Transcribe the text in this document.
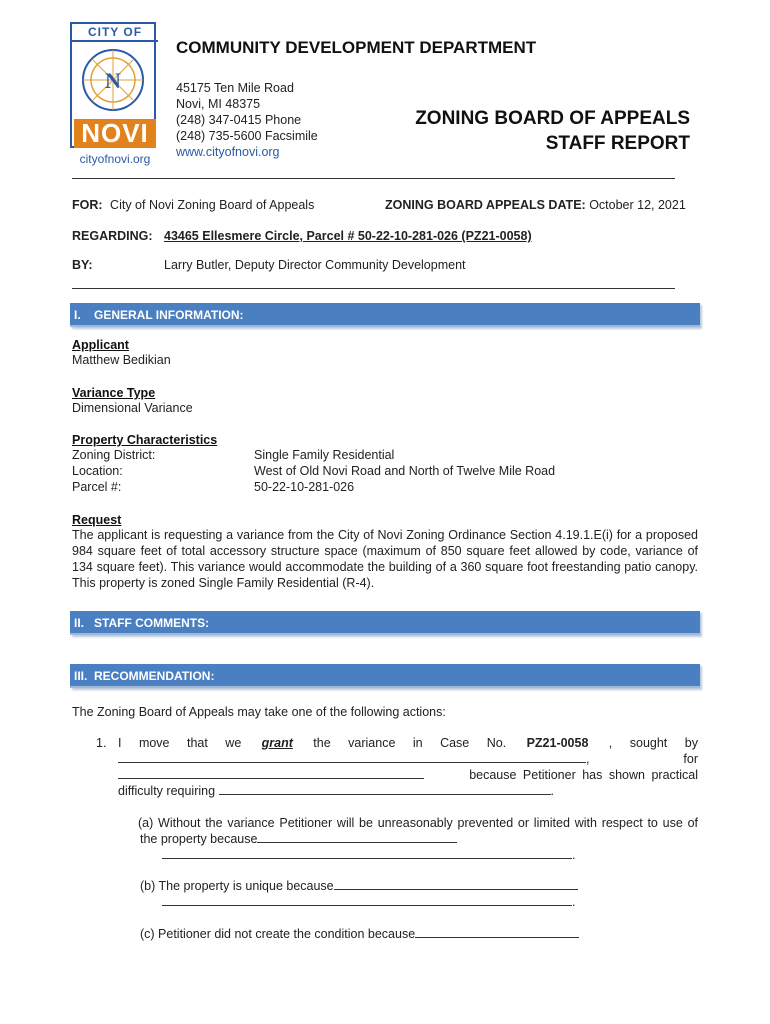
CITY OF
N
NOVI
cityofnovi.org
COMMUNITY DEVELOPMENT DEPARTMENT
45175 Ten Mile Road
Novi, MI 48375
(248) 347-0415 Phone
(248) 735-5600 Facsimile
www.cityofnovi.org
ZONING BOARD OF APPEALS
STAFF REPORT
FOR: City of Novi Zoning Board of Appeals	ZONING BOARD APPEALS DATE: October 12, 2021
REGARDING: 43465 Ellesmere Circle, Parcel # 50-22-10-281-026 (PZ21-0058)
BY:	Larry Butler, Deputy Director Community Development
I.    GENERAL INFORMATION:
Applicant
Matthew Bedikian
Variance Type
Dimensional Variance
Property Characteristics
Zoning District:	Single Family Residential
Location:	West of Old Novi Road and North of Twelve Mile Road
Parcel #:	50-22-10-281-026
Request
The applicant is requesting a variance from the City of Novi Zoning Ordinance Section 4.19.1.E(i) for a proposed 984 square feet of total accessory structure space (maximum of 850 square feet allowed by code, variance of 134 square feet). This variance would accommodate the building of a 360 square foot freestanding patio canopy. This property is zoned Single Family Residential (R-4).
II.   STAFF COMMENTS:
III.  RECOMMENDATION:
The Zoning Board of Appeals may take one of the following actions:
1. I move that we grant the variance in Case No. PZ21-0058 , sought by
,	for
because Petitioner has shown practical
difficulty requiring	.
(a) Without the variance Petitioner will be unreasonably prevented or limited with respect to use of the property because
.
(b) The property is unique because
.
(c) Petitioner did not create the condition because
